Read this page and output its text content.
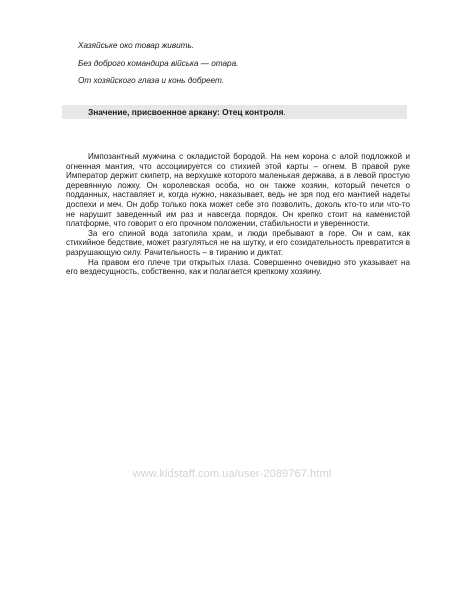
Хазяйське око товар живить.

Без доброго командира війська — отара.

От хозяйского глаза и конь добреет.

Значение, присвоенное аркану: Отец контроля.

Импозантный мужчина с окладистой бородой. На нем корона с алой подложкой и огненная мантия, что ассоциируется со стихией этой карты – огнем. В правой руке Император держит скипетр, на верхушке которого маленькая держава, а в левой простую деревянную ложку. Он королевская особа, но он также хозяин, который печется о подданных, наставляет и, когда нужно, наказывает, ведь не зря под его мантией надеты доспехи и меч. Он добр только пока может себе это позволить, доколь кто-то или что-то не нарушит заведенный им раз и навсегда порядок. Он крепко стоит на каменистой платформе, что говорит о его прочном положении, стабильности и уверенности.

За его спиной вода затопила храм, и люди пребывают в горе. Он и сам, как стихийное бедствие, может разгуляться не на шутку, и его созидательность превратится в разрушающую силу. Рачительность – в тиранию и диктат.

На правом его плече три открытых глаза. Совершенно очевидно это указывает на его вездесущность, собственно, как и полагается крепкому хозяину.

www.kidstaff.com.ua/user-2089767.html
